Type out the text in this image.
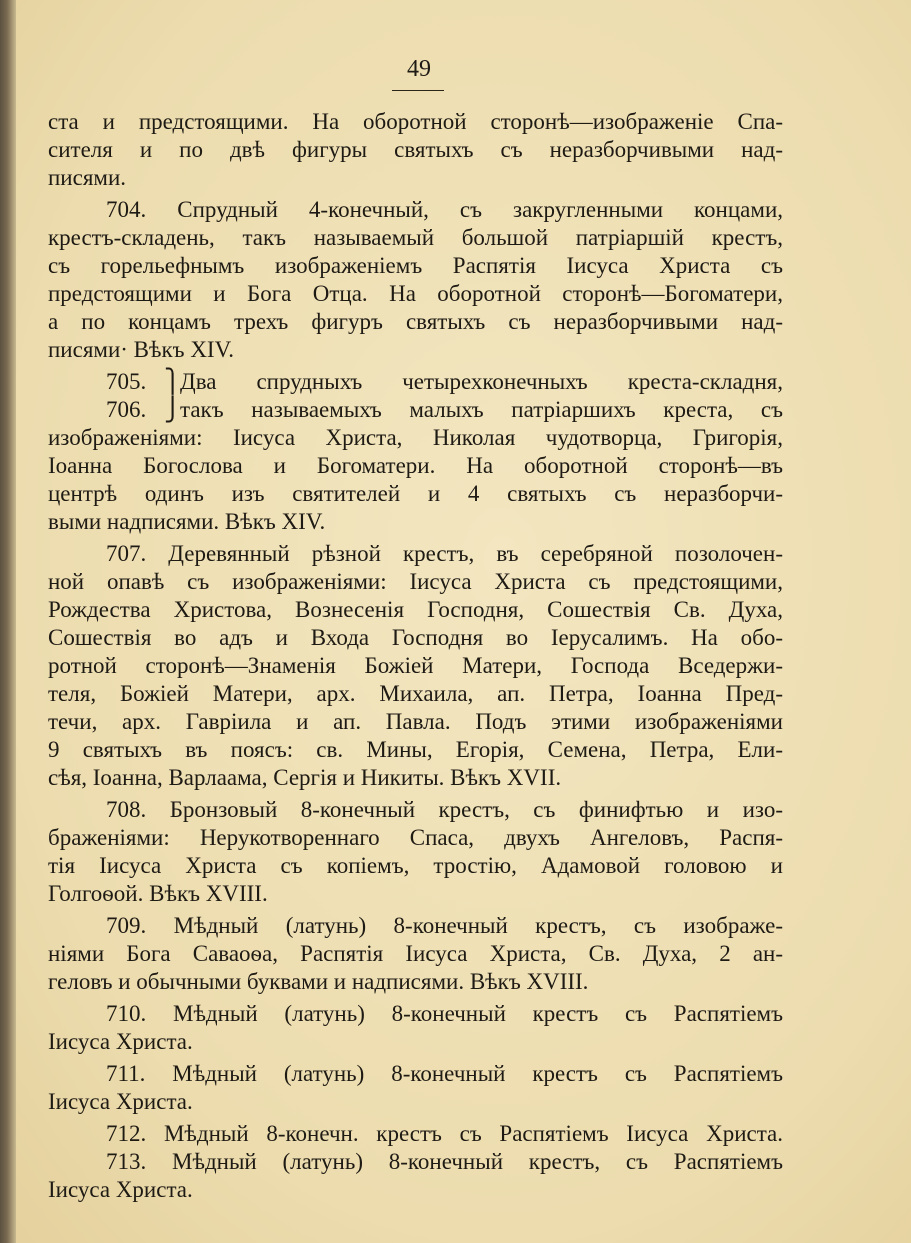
49
ста и предстоящими. На оборотной сторонѣ—изображеніе Спа-
сителя и по двѣ фигуры святыхъ съ неразборчивыми над-
писями.
704. Спрудный 4-конечный, съ закругленными концами,
крестъ-складень, такъ называемый большой патріаршій крестъ,
съ горельефнымъ изображеніемъ Распятія Іисуса Христа съ
предстоящими и Бога Отца. На оборотной сторонѣ—Богоматери,
а по концамъ трехъ фигуръ святыхъ съ неразборчивыми над-
писями· Вѣкъ XIV.
705. ⎫
Два спрудныхъ четырехконечныхъ креста-складня,
706. ⎭
такъ называемыхъ малыхъ патріаршихъ креста, съ
изображеніями: Іисуса Христа, Николая чудотворца, Григорія,
Іоанна Богослова и Богоматери. На оборотной сторонѣ—въ
центрѣ одинъ изъ святителей и 4 святыхъ съ неразборчи-
выми надписями. Вѣкъ XIV.
707. Деревянный рѣзной крестъ, въ серебряной позолочен-
ной опавѣ съ изображеніями: Іисуса Христа съ предстоящими,
Рождества Христова, Вознесенія Господня, Сошествія Св. Духа,
Сошествія во адъ и Входа Господня во Іерусалимъ. На обо-
ротной сторонѣ—Знаменія Божіей Матери, Господа Вседержи-
теля, Божіей Матери, арх. Михаила, ап. Петра, Іоанна Пред-
течи, арх. Гавріила и ап. Павла. Подъ этими изображеніями
9 святыхъ въ поясъ: св. Мины, Егорія, Семена, Петра, Ели-
сѣя, Іоанна, Варлаама, Сергія и Никиты. Вѣкъ XVII.
708. Бронзовый 8-конечный крестъ, съ финифтью и изо-
браженіями: Нерукотвореннаго Спаса, двухъ Ангеловъ, Распя-
тія Іисуса Христа съ копіемъ, тростію, Адамовой головою и
Голгоѳой. Вѣкъ XVIII.
709. Мѣдный (латунь) 8-конечный крестъ, съ изображе-
ніями Бога Саваоѳа, Распятія Іисуса Христа, Св. Духа, 2 ан-
геловъ и обычными буквами и надписями. Вѣкъ XVIII.
710. Мѣдный (латунь) 8-конечный крестъ съ Распятіемъ
Іисуса Христа.
711. Мѣдный (латунь) 8-конечный крестъ съ Распятіемъ
Іисуса Христа.
712. Мѣдный 8-конечн. крестъ съ Распятіемъ Іисуса Христа.
713. Мѣдный (латунь) 8-конечный крестъ, съ Распятіемъ
Іисуса Христа.
